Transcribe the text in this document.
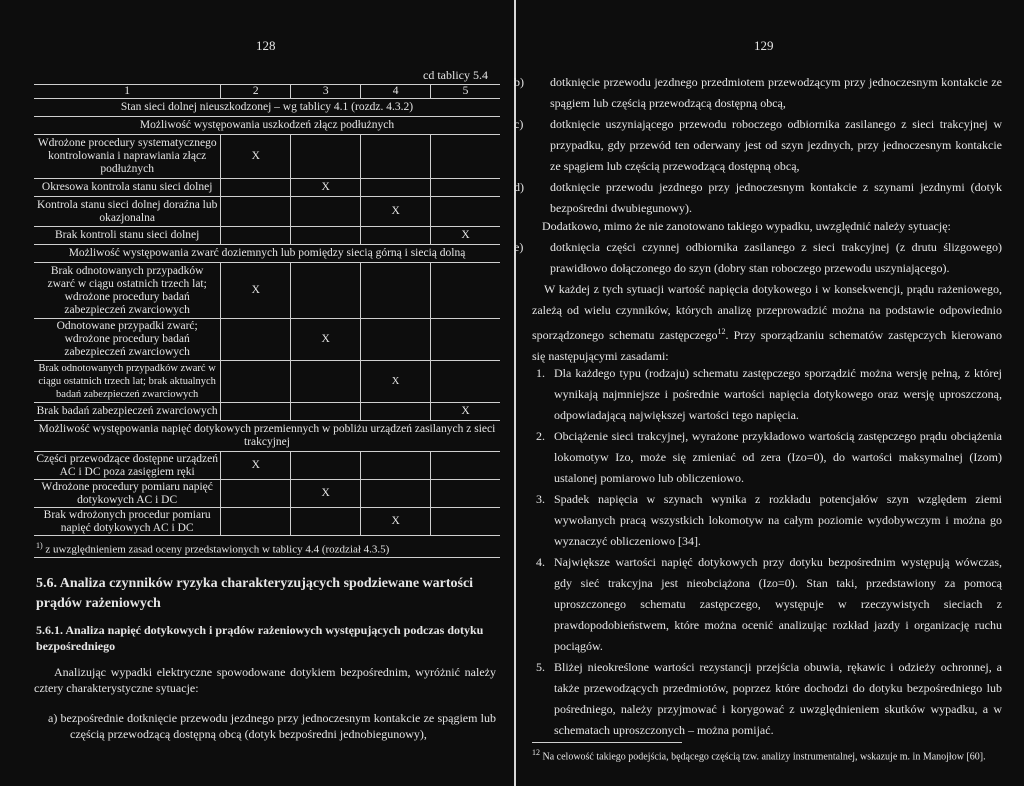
128
cd tablicy 5.4
1	2	3	4	5
Stan sieci dolnej nieuszkodzonej – wg tablicy 4.1 (rozdz. 4.3.2)				
Możliwość występowania uszkodzeń złącz podłużnych				
Wdrożone procedury systematycznego kontrolowania i naprawiania złącz podłużnych	X			
Okresowa kontrola stanu sieci dolnej		X		
Kontrola stanu sieci dolnej doraźna lub okazjonalna			X	
Brak kontroli stanu sieci dolnej				X
Możliwość występowania zwarć doziemnych lub pomiędzy siecią górną i siecią dolną				
Brak odnotowanych przypadków zwarć w ciągu ostatnich trzech lat; wdrożone procedury badań zabezpieczeń zwarciowych	X			
Odnotowane przypadki zwarć; wdrożone procedury badań zabezpieczeń zwarciowych		X		
Brak odnotowanych przypadków zwarć w ciągu ostatnich trzech lat; brak aktualnych badań zabezpieczeń zwarciowych			X	
Brak badań zabezpieczeń zwarciowych				X
Możliwość występowania napięć dotykowych przemiennych w pobliżu urządzeń zasilanych z sieci trakcyjnej				
Części przewodzące dostępne urządzeń AC i DC poza zasięgiem ręki	X			
Wdrożone procedury pomiaru napięć dotykowych AC i DC		X		
Brak wdrożonych procedur pomiaru napięć dotykowych AC i DC			X	
$^{1)}$ z uwzględnieniem zasad oceny przedstawionych w tablicy 4.4 (rozdział 4.3.5)				
5.6. Analiza czynników ryzyka charakteryzujących spodziewane wartości prądów rażeniowych
5.6.1. Analiza napięć dotykowych i prądów rażeniowych występujących podczas dotyku bezpośredniego
Analizując wypadki elektryczne spowodowane dotykiem bezpośrednim, wyróżnić należy cztery charakterystyczne sytuacje:
a) bezpośrednie dotknięcie przewodu jezdnego przy jednoczesnym kontakcie ze spągiem lub częścią przewodzącą dostępną obcą (dotyk bezpośredni jednobiegunowy),
129
b) dotknięcie przewodu jezdnego przedmiotem przewodzącym przy jednoczesnym kontakcie ze spągiem lub częścią przewodzącą dostępną obcą,
c) dotknięcie uszyniającego przewodu roboczego odbiornika zasilanego z sieci trakcyjnej w przypadku, gdy przewód ten oderwany jest od szyn jezdnych, przy jednoczesnym kontakcie ze spągiem lub częścią przewodzącą dostępną obcą,
d) dotknięcie przewodu jezdnego przy jednoczesnym kontakcie z szynami jezdnymi (dotyk bezpośredni dwubiegunowy).
Dodatkowo, mimo że nie zanotowano takiego wypadku, uwzględnić należy sytuację:
e) dotknięcia części czynnej odbiornika zasilanego z sieci trakcyjnej (z drutu ślizgowego) prawidłowo dołączonego do szyn (dobry stan roboczego przewodu uszyniającego).
W każdej z tych sytuacji wartość napięcia dotykowego i w konsekwencji, prądu rażeniowego, zależą od wielu czynników, których analizę przeprowadzić można na podstawie odpowiednio sporządzonego schematu zastępczego$^{12}$. Przy sporządzaniu schematów zastępczych kierowano się następującymi zasadami:
1. Dla każdego typu (rodzaju) schematu zastępczego sporządzić można wersję pełną, z której wynikają najmniejsze i pośrednie wartości napięcia dotykowego oraz wersję uproszczoną, odpowiadającą największej wartości tego napięcia.
2. Obciążenie sieci trakcyjnej, wyrażone przykładowo wartością zastępczego prądu obciążenia lokomotyw Izo, może się zmieniać od zera (Izo=0), do wartości maksymalnej (Izom) ustalonej pomiarowo lub obliczeniowo.
3. Spadek napięcia w szynach wynika z rozkładu potencjałów szyn względem ziemi wywołanych pracą wszystkich lokomotyw na całym poziomie wydobywczym i można go wyznaczyć obliczeniowo [34].
4. Największe wartości napięć dotykowych przy dotyku bezpośrednim występują wówczas, gdy sieć trakcyjna jest nieobciążona (Izo=0). Stan taki, przedstawiony za pomocą uproszczonego schematu zastępczego, występuje w rzeczywistych sieciach z prawdopodobieństwem, które można ocenić analizując rozkład jazdy i organizację ruchu pociągów.
5. Bliżej nieokreślone wartości rezystancji przejścia obuwia, rękawic i odzieży ochronnej, a także przewodzących przedmiotów, poprzez które dochodzi do dotyku bezpośredniego lub pośredniego, należy przyjmować i korygować z uwzględnieniem skutków wypadku, a w schematach uproszczonych – można pomijać.
$^{12}$ Na celowość takiego podejścia, będącego częścią tzw. analizy instrumentalnej, wskazuje m. in Manojłow [60].
